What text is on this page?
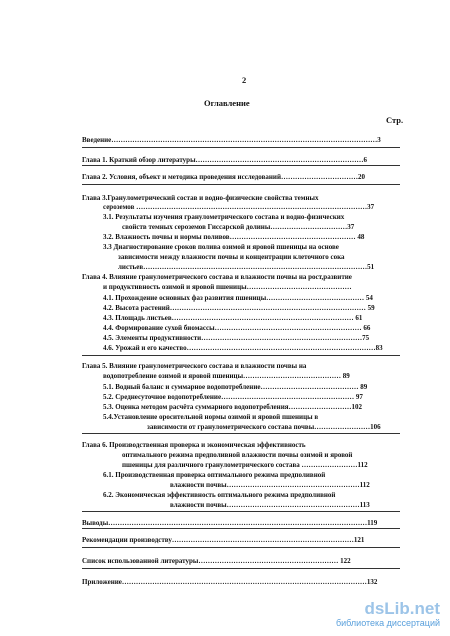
2
Оглавление
Стр.
Введение……………………………………………………………………………………………………3
Глава 1. Краткий обзор литературы………………………………………………………………6
Глава 2. Условия, объект и методика проведения исследований……………………………20
Глава 3.Гранулометрический состав и водно-физические свойства темных
сероземов ………………………………………………………………………………………37
3.1. Результаты изучения гранулометрического состава и водно-физических
свойств темных сероземов Гиссарской долины……………………………37
3.2. Влажность почвы и нормы поливов……………………………………………… 48
3.3 Диагностирование сроков полива озимой и яровой пшеницы на основе
зависимости между влажности почвы и концентрации клеточного сока
листьев……………………………………………………………………………………51
Глава 4. Влияние гранулометрического состава и влажности почвы на рост,развитие
и продуктивность озимой и яровой пшеницы………………………………………
4.1. Прохождение основных фаз развития пшеницы…………………………………… 54
4.2. Высота растений………………………………………………………………………… 59
4.3. Площадь листьев…………………………………………………………………… 61
4.4. Формирование сухой биомассы……………………………………………………… 66
4.5. Элементы продуктивности……………………………………………………………75
4.6. Урожай и его качество………………………………………………………………………83
Глава 5. Влияние гранулометрического состава и влажности почвы на
водопотребление озимой и яровой пшеницы…………………………………… 89
5.1. Водный баланс и суммарное водопотребление…………………………………… 89
5.2. Среднесуточное водопотребление………………………………………………… 97
5.3. Оценка методом расчёта суммарного водопотребления………………………102
5.4.Установление оросительной нормы озимой и яровой пшеницы в
зависимости от гранулометрического состава почвы……………………106
Глава 6. Производственная проверка и экономическая эффективность
оптимального режима предполивной влажности почвы озимой и яровой
пшеницы для различного гранулометрического состава ……………………112
6.1. Производственная проверка оптимального режима предполивной
влажности почвы…………………………………………………112
6.2. Экономическая эффективность оптимального режима предполивной
влажности почвы…………………………………………………113
Выводы…………………………………………………………………………………………………119
Рекомендации производству……………………………………………………………………121
Список использованной литературы…………………………………………………… 122
Приложение……………………………………………………………………………………………132
dsLib.net
библиотека диссертаций
